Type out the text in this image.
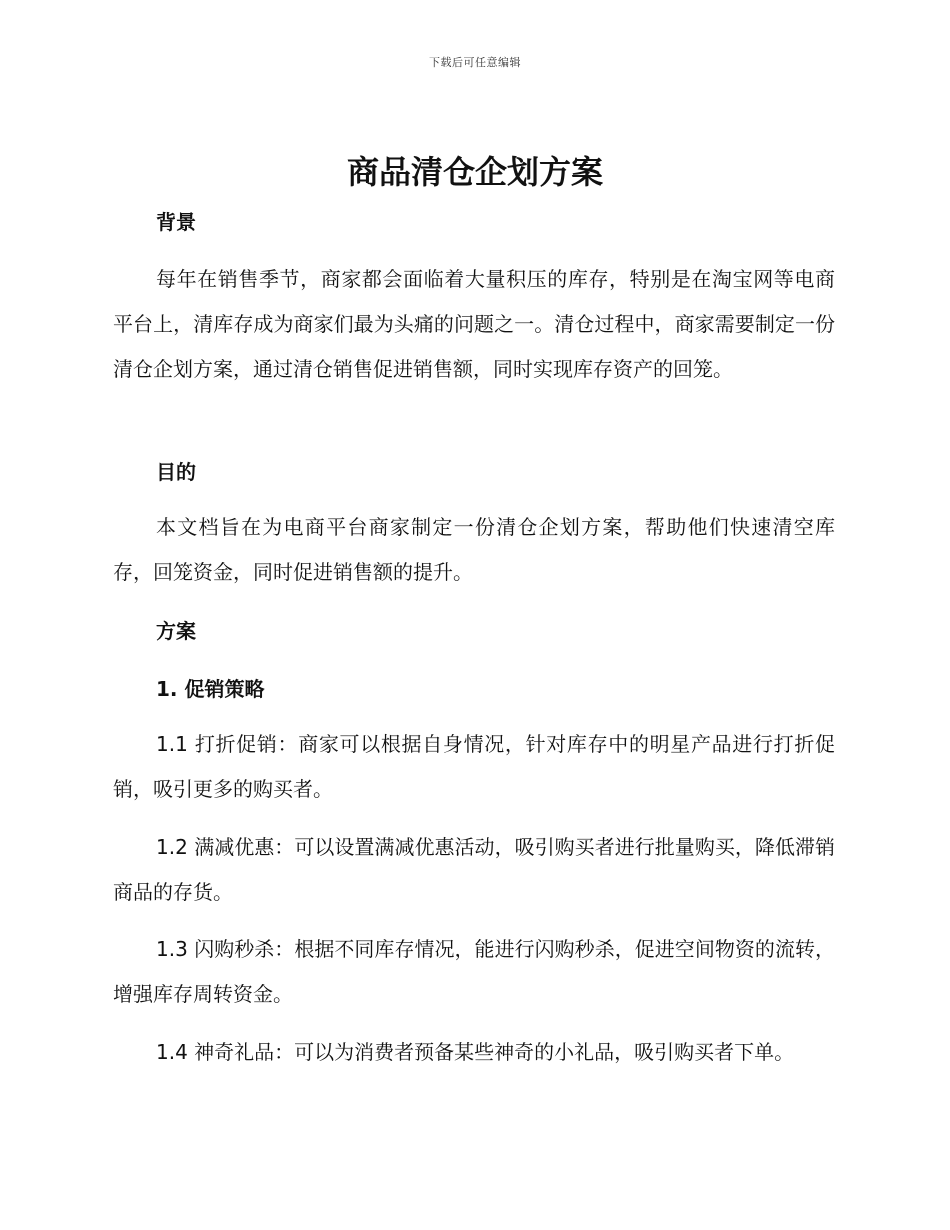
下载后可任意编辑
商品清仓企划方案
背景

每年在销售季节，商家都会面临着大量积压的库存，特别是在淘宝网等电商平台上，清库存成为商家们最为头痛的问题之一。清仓过程中，商家需要制定一份清仓企划方案，通过清仓销售促进销售额，同时实现库存资产的回笼。

目的

本文档旨在为电商平台商家制定一份清仓企划方案，帮助他们快速清空库存，回笼资金，同时促进销售额的提升。

方案
1. 促销策略

1.1 打折促销：商家可以根据自身情况，针对库存中的明星产品进行打折促销，吸引更多的购买者。

1.2 满减优惠：可以设置满减优惠活动，吸引购买者进行批量购买，降低滞销商品的存货。

1.3 闪购秒杀：根据不同库存情况，能进行闪购秒杀，促进空间物资的流转，增强库存周转资金。

1.4 神奇礼品：可以为消费者预备某些神奇的小礼品，吸引购买者下单。
